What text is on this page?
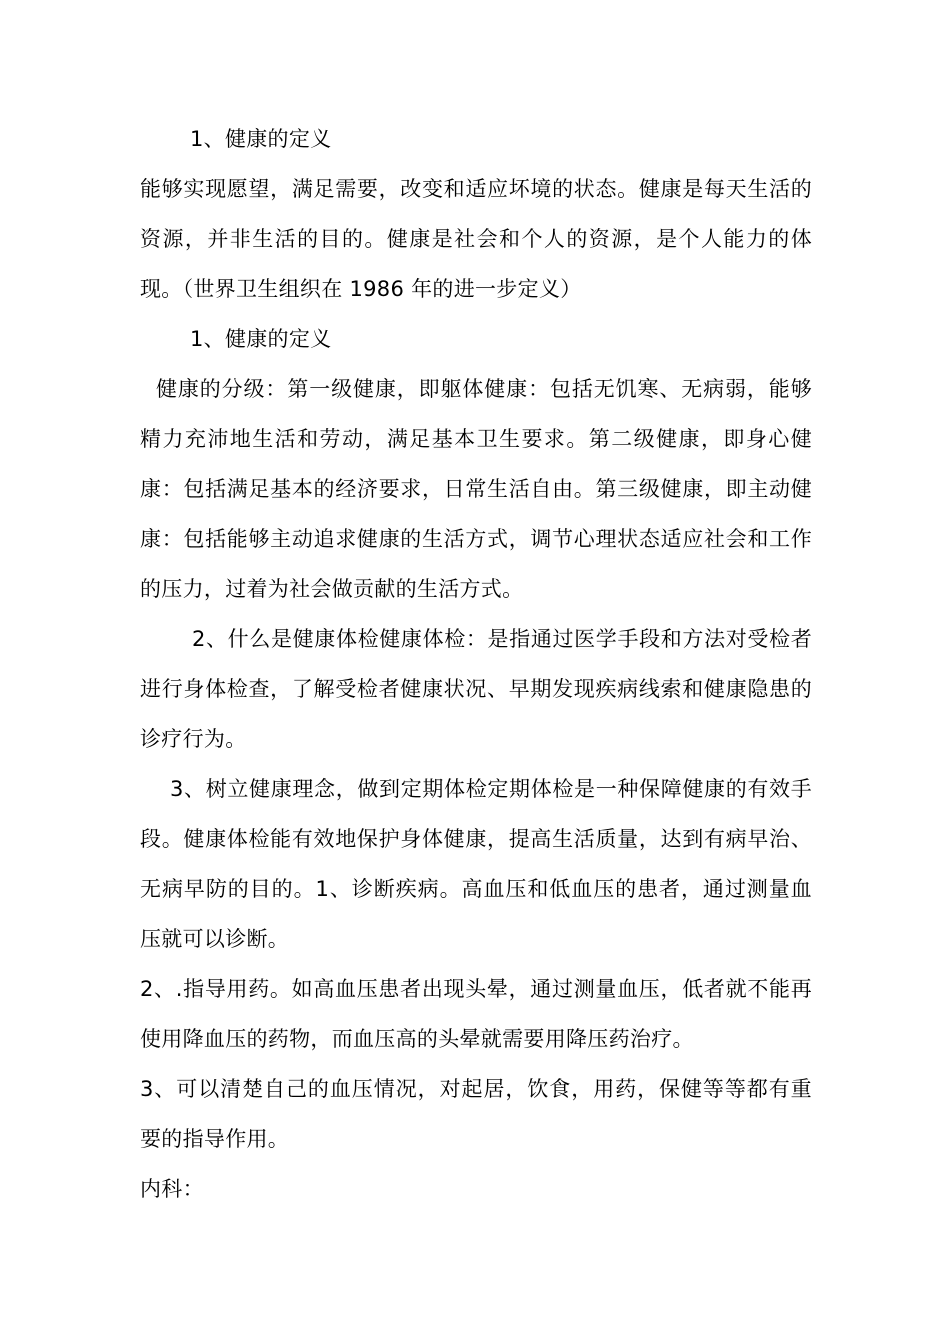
1、健康的定义

能够实现愿望，满足需要，改变和适应坏境的状态。健康是每天生活的资源，并非生活的目的。健康是社会和个人的资源，是个人能力的体现。（世界卫生组织在 1986 年的进一步定义）

1、健康的定义

健康的分级：第一级健康，即躯体健康：包括无饥寒、无病弱，能够精力充沛地生活和劳动，满足基本卫生要求。第二级健康，即身心健康：包括满足基本的经济要求，日常生活自由。第三级健康，即主动健康：包括能够主动追求健康的生活方式，调节心理状态适应社会和工作的压力，过着为社会做贡献的生活方式。

2、什么是健康体检健康体检：是指通过医学手段和方法对受检者进行身体检查，了解受检者健康状况、早期发现疾病线索和健康隐患的诊疗行为。

3、树立健康理念，做到定期体检定期体检是一种保障健康的有效手段。健康体检能有效地保护身体健康，提高生活质量，达到有病早治、无病早防的目的。1、诊断疾病。高血压和低血压的患者，通过测量血压就可以诊断。

2、.指导用药。如高血压患者出现头晕，通过测量血压，低者就不能再使用降血压的药物，而血压高的头晕就需要用降压药治疗。

3、可以清楚自己的血压情况，对起居，饮食，用药，保健等等都有重要的指导作用。

内科：
